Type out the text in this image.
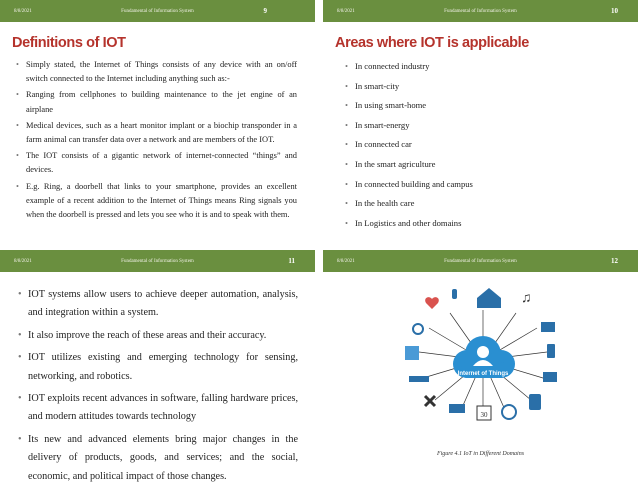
8/8/2021	Fundamental of Information System	9
Definitions of IOT
• Simply stated, the Internet of Things consists of any device with an on/off switch connected to the Internet including anything such as:-
• Ranging from cellphones to building maintenance to the jet engine of an airplane
• Medical devices, such as a heart monitor implant or a biochip transponder in a farm animal can transfer data over a network and are members of the IOT.
• The IOT consists of a gigantic network of internet-connected “things” and devices.
• E.g. Ring, a doorbell that links to your smartphone, provides an excellent example of a recent addition to the Internet of Things means Ring signals you when the doorbell is pressed and lets you see who it is and to speak with them.
8/8/2021	Fundamental of Information System	10
Areas where IOT is applicable
• In connected industry
• In smart-city
• In using smart-home
• In smart-energy
• In connected car
• In the smart agriculture
• In connected building and campus
• In the health care
• In Logistics and other domains
8/8/2021	Fundamental of Information System	11
• IOT systems allow users to achieve deeper automation, analysis, and integration within a system.
• It also improve the reach of these areas and their accuracy.
• IOT utilizes existing and emerging technology for sensing, networking, and robotics.
• IOT exploits recent advances in software, falling hardware prices, and modern attitudes towards technology
• Its new and advanced elements bring major changes in the delivery of products, goods, and services; and the social, economic, and political impact of those changes.
8/8/2021	Fundamental of Information System	12
Internet of Things
♫
30
Figure 4.1 IoT in Different Domains
